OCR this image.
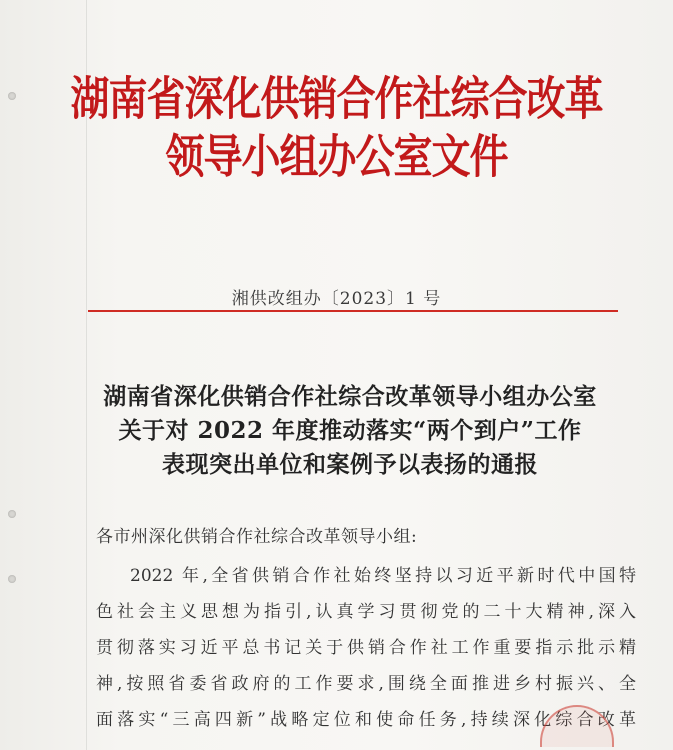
湖南省深化供销合作社综合改革
领导小组办公室文件
湘供改组办〔2023〕1 号
湖南省深化供销合作社综合改革领导小组办公室
关于对 2022 年度推动落实“两个到户”工作
表现突出单位和案例予以表扬的通报
各市州深化供销合作社综合改革领导小组:
2022 年,全省供销合作社始终坚持以习近平新时代中国特
色社会主义思想为指引,认真学习贯彻党的二十大精神,深入
贯彻落实习近平总书记关于供销合作社工作重要指示批示精
神,按照省委省政府的工作要求,围绕全面推进乡村振兴、全
面落实“三高四新”战略定位和使命任务,持续深化综合改革
